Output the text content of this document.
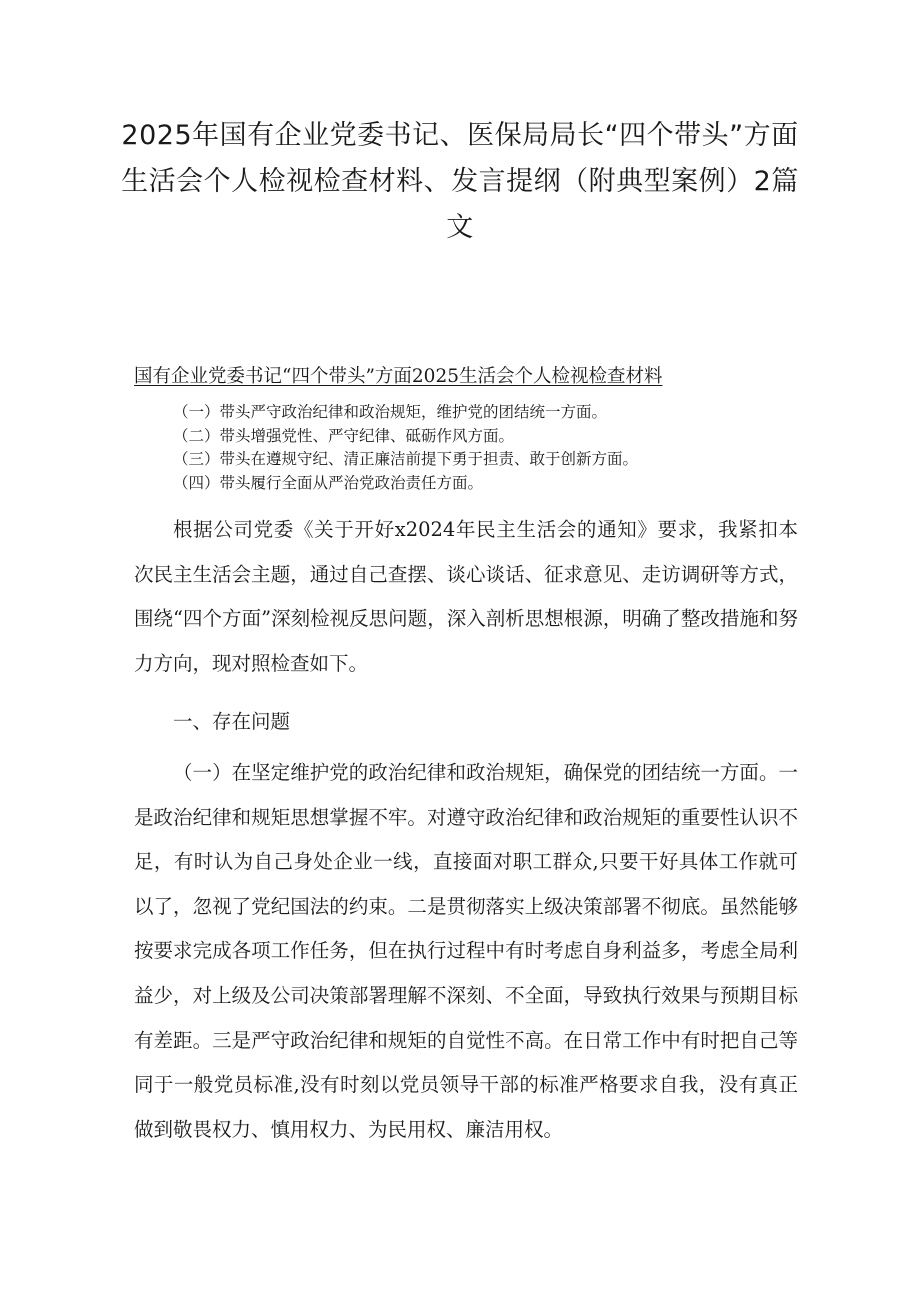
2025年国有企业党委书记、医保局局长“四个带头”方面生活会个人检视检查材料、发言提纲（附典型案例）2篇文
国有企业党委书记“四个带头”方面2025生活会个人检视检查材料
（一）带头严守政治纪律和政治规矩，维护党的团结统一方面。
（二）带头增强党性、严守纪律、砥砺作风方面。
（三）带头在遵规守纪、清正廉洁前提下勇于担责、敢于创新方面。
（四）带头履行全面从严治党政治责任方面。

根据公司党委《关于开好x2024年民主生活会的通知》要求，我紧扣本次民主生活会主题，通过自己查摆、谈心谈话、征求意见、走访调研等方式，围绕“四个方面”深刻检视反思问题，深入剖析思想根源，明确了整改措施和努力方向，现对照检查如下。

一、存在问题

（一）在坚定维护党的政治纪律和政治规矩，确保党的团结统一方面。一是政治纪律和规矩思想掌握不牢。对遵守政治纪律和政治规矩的重要性认识不足，有时认为自己身处企业一线，直接面对职工群众,只要干好具体工作就可以了，忽视了党纪国法的约束。二是贯彻落实上级决策部署不彻底。虽然能够按要求完成各项工作任务，但在执行过程中有时考虑自身利益多，考虑全局利益少，对上级及公司决策部署理解不深刻、不全面，导致执行效果与预期目标有差距。三是严守政治纪律和规矩的自觉性不高。在日常工作中有时把自己等同于一般党员标准,没有时刻以党员领导干部的标准严格要求自我，没有真正做到敬畏权力、慎用权力、为民用权、廉洁用权。
